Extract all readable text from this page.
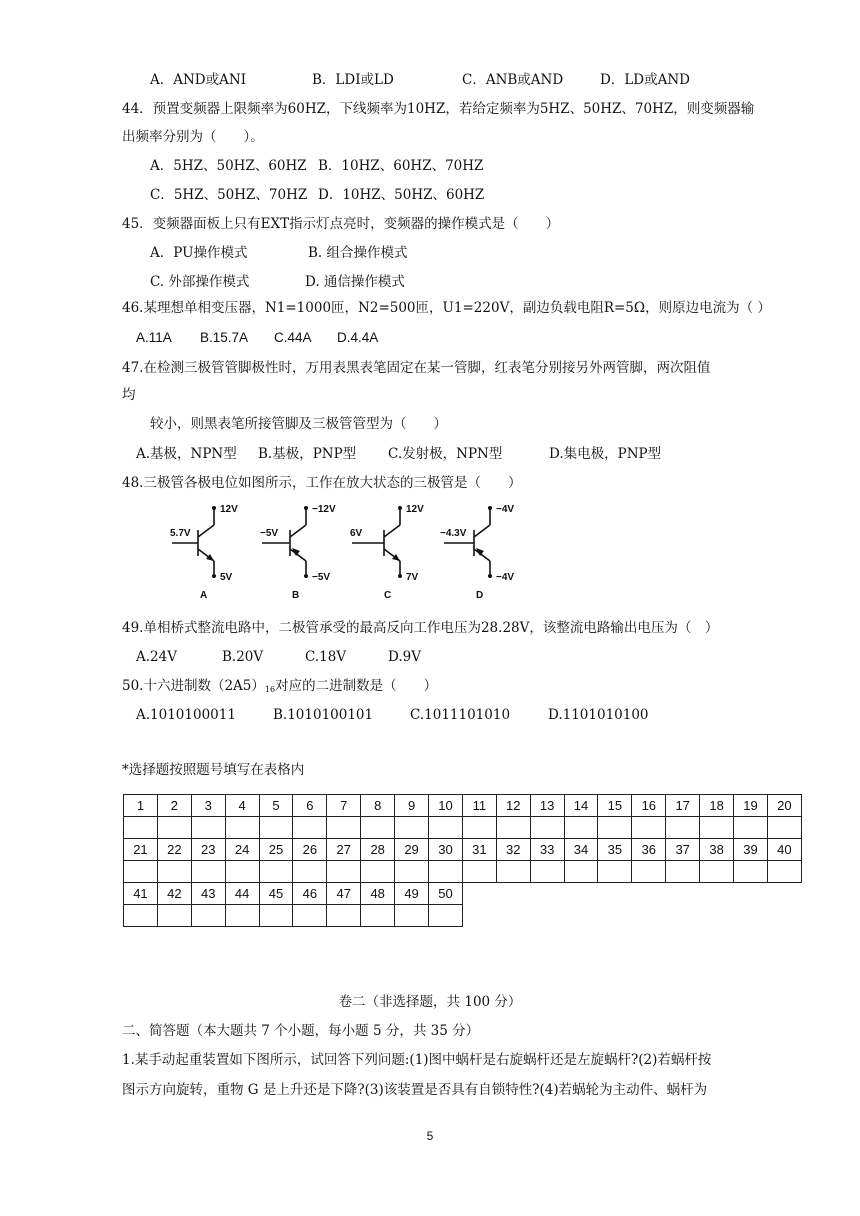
A．AND或ANI	B．LDI或LD	C．ANB或AND	D．LD或AND
44．预置变频器上限频率为60HZ，下线频率为10HZ，若给定频率为5HZ、50HZ、70HZ，则变频器输
出频率分别为（　　）。
A．5HZ、50HZ、60HZ B．10HZ、60HZ、70HZ
C．5HZ、50HZ、70HZ D．10HZ、50HZ、60HZ
45．变频器面板上只有EXT指示灯点亮时，变频器的操作模式是（　　）
A．PU操作模式	B. 组合操作模式
C. 外部操作模式	D. 通信操作模式
46.某理想单相变压器，N1=1000匝，N2=500匝，U1=220V，副边负载电阻R=5Ω，则原边电流为（ ）
A.11A B.15.7A C.44A D.4.4A
47.在检测三极管管脚极性时，万用表黑表笔固定在某一管脚，红表笔分别接另外两管脚，两次阻值
均
较小，则黑表笔所接管脚及三极管管型为（　　）
A.基极，NPN型 B.基极，PNP型 C.发射极，NPN型	D.集电极，PNP型
48.三极管各极电位如图所示，工作在放大状态的三极管是（　　）
5.7V
12V
5V
A
−5V
−12V
−5V
B
6V
12V
7V
C
−4.3V
−4V
−4V
D
49.单相桥式整流电路中，二极管承受的最高反向工作电压为28.28V，该整流电路输出电压为（　）
A.24V	B.20V	C.18V	D.9V
50.十六进制数（2A5）16对应的二进制数是（　　）
A.1010100011	B.1010100101	C.1011101010	D.1101010100
*选择题按照题号填写在表格内
1	2	3	4	5	6	7	8	9	10	11	12	13	14	15	16	17	18	19	20

21	22	23	24	25	26	27	28	29	30	31	32	33	34	35	36	37	38	39	40

41	42	43	44	45	46	47	48	49	50										

卷二（非选择题，共 100 分）
二、简答题（本大题共 7 个小题，每小题 5 分，共 35 分）
1.某手动起重装置如下图所示，试回答下列问题:(1)图中蜗杆是右旋蜗杆还是左旋蜗杆?(2)若蜗杆按
图示方向旋转，重物 G 是上升还是下降?(3)该装置是否具有自锁特性?(4)若蜗轮为主动件、蜗杆为
5
